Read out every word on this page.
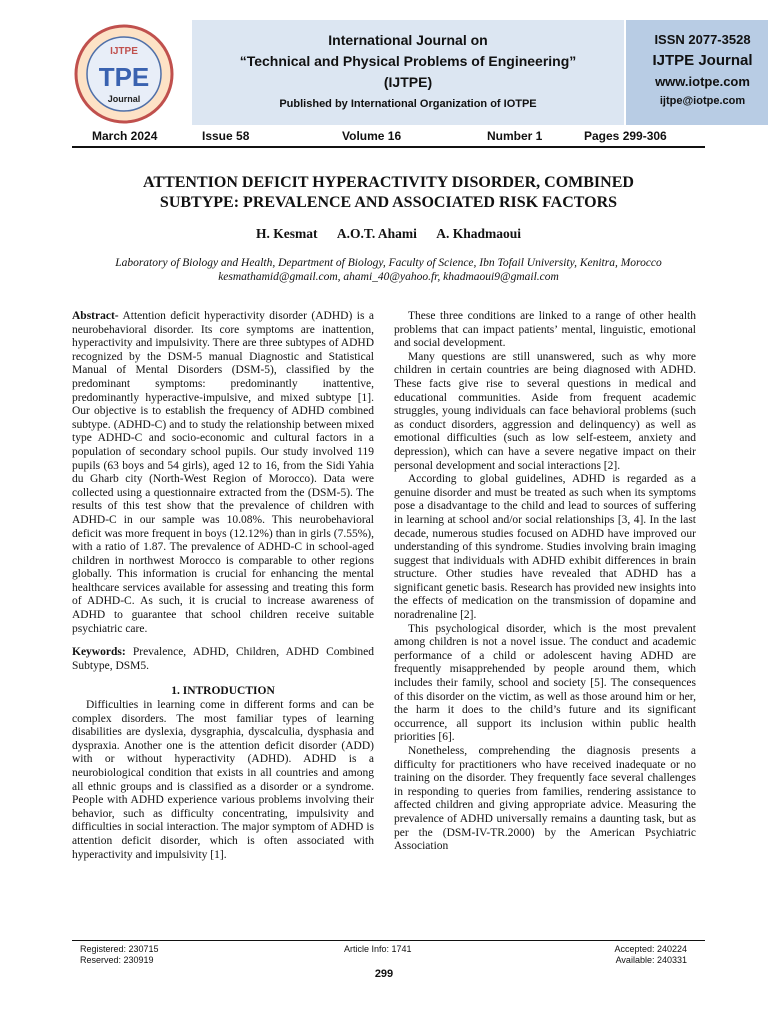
IJTPE
TPE
Journal
International Journal on
“Technical and Physical Problems of Engineering”
(IJTPE)
Published by International Organization of IOTPE
ISSN 2077-3528
IJTPE Journal
www.iotpe.com
ijtpe@iotpe.com
March 2024	Issue 58	Volume 16	Number 1	Pages 299-306
ATTENTION DEFICIT HYPERACTIVITY DISORDER, COMBINED
SUBTYPE: PREVALENCE AND ASSOCIATED RISK FACTORS
H. Kesmat A.O.T. Ahami A. Khadmaoui
Laboratory of Biology and Health, Department of Biology, Faculty of Science, Ibn Tofail University, Kenitra, Morocco
kesmathamid@gmail.com, ahami_40@yahoo.fr, khadmaoui9@gmail.com

Abstract- Attention deficit hyperactivity disorder (ADHD) is a neurobehavioral disorder. Its core symptoms are inattention, hyperactivity and impulsivity. There are three subtypes of ADHD recognized by the DSM-5 manual Diagnostic and Statistical Manual of Mental Disorders (DSM-5), classified by the predominant symptoms: predominantly inattentive, predominantly hyperactive-impulsive, and mixed subtype [1]. Our objective is to establish the frequency of ADHD combined subtype. (ADHD-C) and to study the relationship between mixed type ADHD-C and socio-economic and cultural factors in a population of secondary school pupils. Our study involved 119 pupils (63 boys and 54 girls), aged 12 to 16, from the Sidi Yahia du Gharb city (North-West Region of Morocco). Data were collected using a questionnaire extracted from the (DSM-5). The results of this test show that the prevalence of children with ADHD-C in our sample was 10.08%. This neurobehavioral deficit was more frequent in boys (12.12%) than in girls (7.55%), with a ratio of 1.87. The prevalence of ADHD-C in school-aged children in northwest Morocco is comparable to other regions globally. This information is crucial for enhancing the mental healthcare services available for assessing and treating this form of ADHD-C. As such, it is crucial to increase awareness of ADHD to guarantee that school children receive suitable psychiatric care.

Keywords: Prevalence, ADHD, Children, ADHD Combined Subtype, DSM5.

1. INTRODUCTION

Difficulties in learning come in different forms and can be complex disorders. The most familiar types of learning disabilities are dyslexia, dysgraphia, dyscalculia, dysphasia and dyspraxia. Another one is the attention deficit disorder (ADD) with or without hyperactivity (ADHD). ADHD is a neurobiological condition that exists in all countries and among all ethnic groups and is classified as a disorder or a syndrome. People with ADHD experience various problems involving their behavior, such as difficulty concentrating, impulsivity and difficulties in social interaction. The major symptom of ADHD is attention deficit disorder, which is often associated with hyperactivity and impulsivity [1].

These three conditions are linked to a range of other health problems that can impact patients’ mental, linguistic, emotional and social development.

Many questions are still unanswered, such as why more children in certain countries are being diagnosed with ADHD. These facts give rise to several questions in medical and educational communities. Aside from frequent academic struggles, young individuals can face behavioral problems (such as conduct disorders, aggression and delinquency) as well as emotional difficulties (such as low self-esteem, anxiety and depression), which can have a severe negative impact on their personal development and social interactions [2].

According to global guidelines, ADHD is regarded as a genuine disorder and must be treated as such when its symptoms pose a disadvantage to the child and lead to sources of suffering in learning at school and/or social relationships [3, 4]. In the last decade, numerous studies focused on ADHD have improved our understanding of this syndrome. Studies involving brain imaging suggest that individuals with ADHD exhibit differences in brain structure. Other studies have revealed that ADHD has a significant genetic basis. Research has provided new insights into the effects of medication on the transmission of dopamine and noradrenaline [2].

This psychological disorder, which is the most prevalent among children is not a novel issue. The conduct and academic performance of a child or adolescent having ADHD are frequently misapprehended by people around them, which includes their family, school and society [5]. The consequences of this disorder on the victim, as well as those around him or her, the harm it does to the child’s future and its significant occurrence, all support its inclusion within public health priorities [6].

Nonetheless, comprehending the diagnosis presents a difficulty for practitioners who have received inadequate or no training on the disorder. They frequently face several challenges in responding to queries from families, rendering assistance to affected children and giving appropriate advice. Measuring the prevalence of ADHD universally remains a daunting task, but as per the (DSM-IV-TR.2000) by the American Psychiatric Association

Registered: 230715
Reserved: 230919
Article Info: 1741	Accepted: 240224
Available: 240331
299
